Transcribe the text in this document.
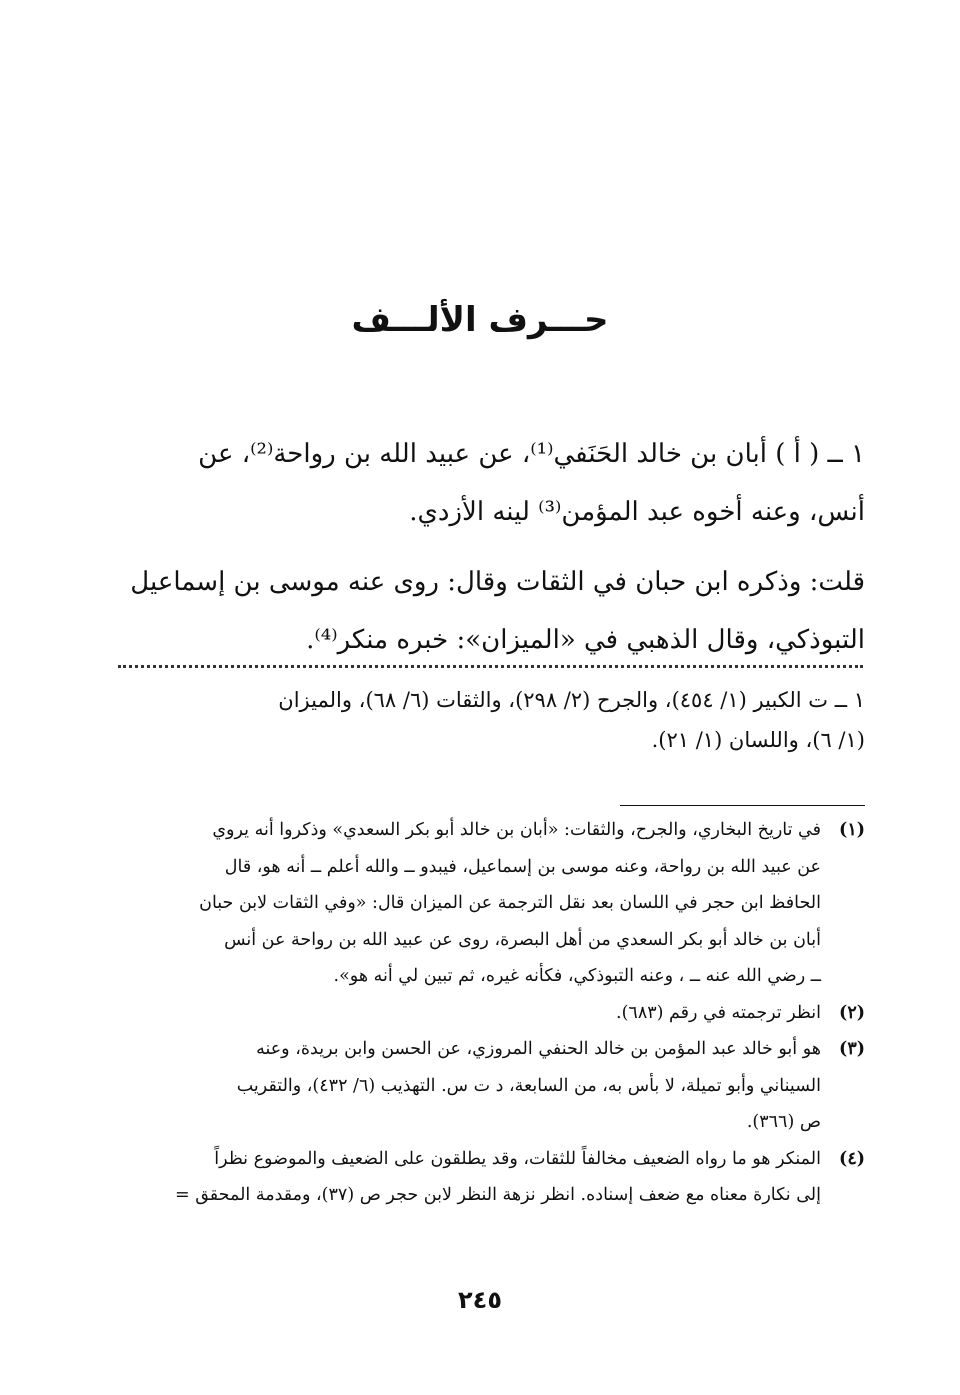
حـــرف الألـــف

١ ــ ( أ ) أبان بن خالد الحَنَفي⁽¹⁾، عن عبيد الله بن رواحة⁽²⁾، عن

أنس، وعنه أخوه عبد المؤمن⁽³⁾ لينه الأزدي.

قلت: وذكره ابن حبان في الثقات وقال: روى عنه موسى بن إسماعيل

التبوذكي، وقال الذهبي في «الميزان»: خبره منكر⁽⁴⁾.

١ ــ ت الكبير (١/ ٤٥٤)، والجرح (٢/ ٢٩٨)، والثقات (٦/ ٦٨)، والميزان

(١/ ٦)، واللسان (١/ ٢١).

(١)

في تاريخ البخاري، والجرح، والثقات: «أبان بن خالد أبو بكر السعدي» وذكروا أنه يروي

عن عبيد الله بن رواحة، وعنه موسى بن إسماعيل، فيبدو ــ والله أعلم ــ أنه هو، قال

الحافظ ابن حجر في اللسان بعد نقل الترجمة عن الميزان قال: «وفي الثقات لابن حبان

أبان بن خالد أبو بكر السعدي من أهل البصرة، روى عن عبيد الله بن رواحة عن أنس

ــ رضي الله عنه ــ ، وعنه التبوذكي، فكأنه غيره، ثم تبين لي أنه هو».

(٢)

انظر ترجمته في رقم (٦٨٣).

(٣)

هو أبو خالد عبد المؤمن بن خالد الحنفي المروزي، عن الحسن وابن بريدة، وعنه

السيناني وأبو تميلة، لا بأس به، من السابعة، د ت س. التهذيب (٦/ ٤٣٢)، والتقريب

ص (٣٦٦).

(٤)

المنكر هو ما رواه الضعيف مخالفاً للثقات، وقد يطلقون على الضعيف والموضوع نظراً

إلى نكارة معناه مع ضعف إسناده. انظر نزهة النظر لابن حجر ص (٣٧)، ومقدمة المحقق =

٢٤٥
